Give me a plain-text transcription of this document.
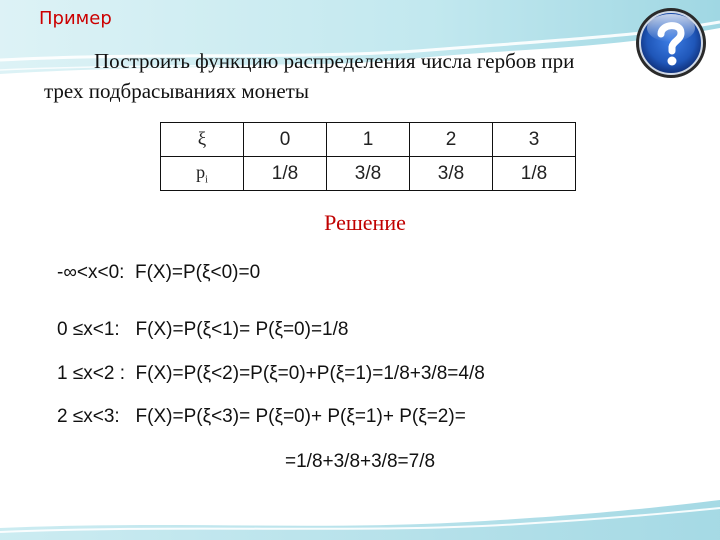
Пример
Построить функцию распределения числа гербов при трех подбрасываниях монеты
ξ	0	1	2	3
$p_i$	1/8	3/8	3/8	1/8
Решение
-∞<x<0:  F(X)=P(ξ<0)=0
0 ≤x<1:   F(X)=P(ξ<1)= P(ξ=0)=1/8
1 ≤x<2 :  F(X)=P(ξ<2)=P(ξ=0)+P(ξ=1)=1/8+3/8=4/8
2 ≤x<3:   F(X)=P(ξ<3)= P(ξ=0)+ P(ξ=1)+ P(ξ=2)=
=1/8+3/8+3/8=7/8
